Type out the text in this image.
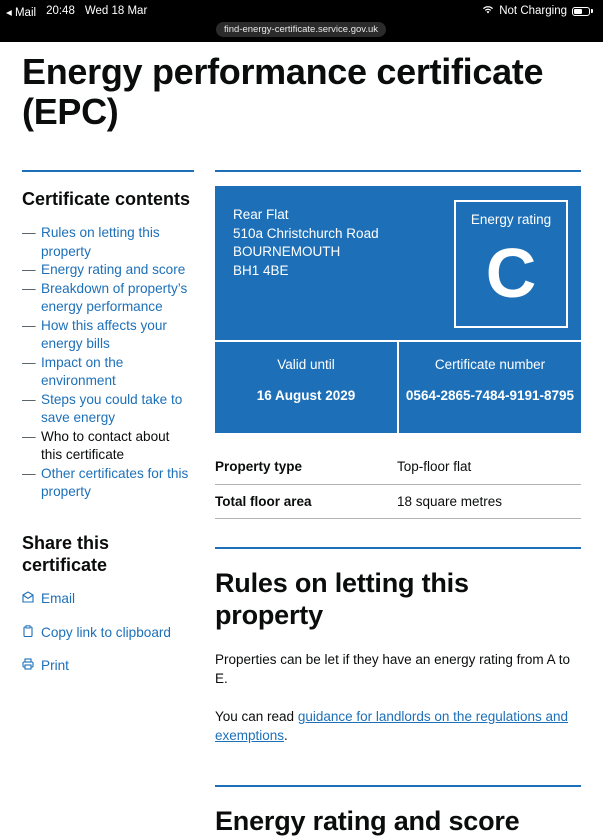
◂ Mail 20:48 Wed 18 Mar	Not Charging
find-energy-certificate.service.gov.uk
Energy performance certificate (EPC)
Certificate contents
— Rules on letting this property
— Energy rating and score
— Breakdown of property’s energy performance
— How this affects your energy bills
— Impact on the environment
— Steps you could take to save energy
— Who to contact about this certificate
— Other certificates for this property
Share this certificate
Email
Copy link to clipboard
Print
Rear Flat
510a Christchurch Road
BOURNEMOUTH
BH1 4BE
Energy rating
C
Valid until
16 August 2029
Certificate number
0564-2865-7484-9191-8795
Property type	Top-floor flat
Total floor area	18 square metres
Rules on letting this property

Properties can be let if they have an energy rating from A to E.

You can read guidance for landlords on the regulations and exemptions.

Energy rating and score
